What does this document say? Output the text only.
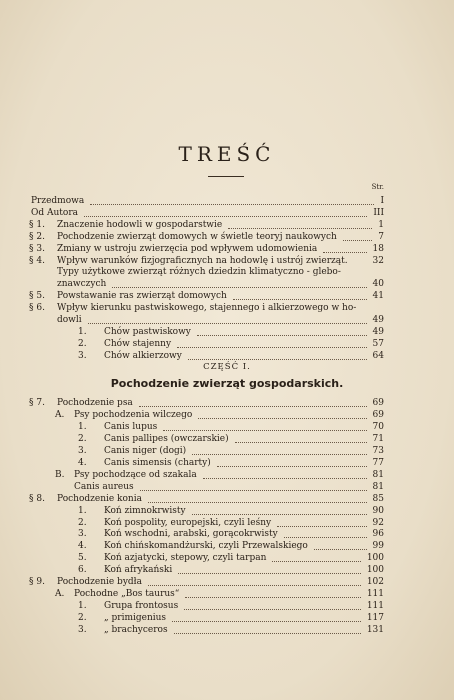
TREŚĆ
Str.
CZĘŚĆ I.
Pochodzenie zwierząt gospodarskich.
Przedmowa	I
Od Autora	III
§ 1. Znaczenie hodowli w gospodarstwie	1
§ 2. Pochodzenie zwierząt domowych w świetle teoryj naukowych	7
§ 3. Zmiany w ustroju zwierzęcia pod wpływem udomowienia	18
§ 4. Wpływ warunków fizjograficznych na hodowlę i ustrój zwierząt.	32
Typy użytkowe zwierząt różnych dziedzin klimatyczno - glebo-
znawczych	40
§ 5. Powstawanie ras zwierząt domowych	41
§ 6. Wpływ kierunku pastwiskowego, stajennego i alkierzowego w ho-
dowli	49
1. Chów pastwiskowy	49
2. Chów stajenny	57
3. Chów alkierzowy	64
§ 7. Pochodzenie psa	69
A. Psy pochodzenia wilczego	69
1. Canis lupus	70
2. Canis pallipes (owczarskie)	71
3. Canis niger (dogi)	73
4. Canis simensis (charty)	77
B. Psy pochodzące od szakala	81
Canis aureus	81
§ 8. Pochodzenie konia	85
1. Koń zimnokrwisty	90
2. Koń pospolity, europejski, czyli leśny	92
3. Koń wschodni, arabski, gorącokrwisty	96
4. Koń chińskomandżurski, czyli Przewalskiego	99
5. Koń azjatycki, stepowy, czyli tarpan	100
6. Koń afrykański	100
§ 9. Pochodzenie bydła	102
A. Pochodne „Bos taurus“	111
1. Grupa frontosus	111
2. „ primigenius	117
3. „ brachyceros	131
